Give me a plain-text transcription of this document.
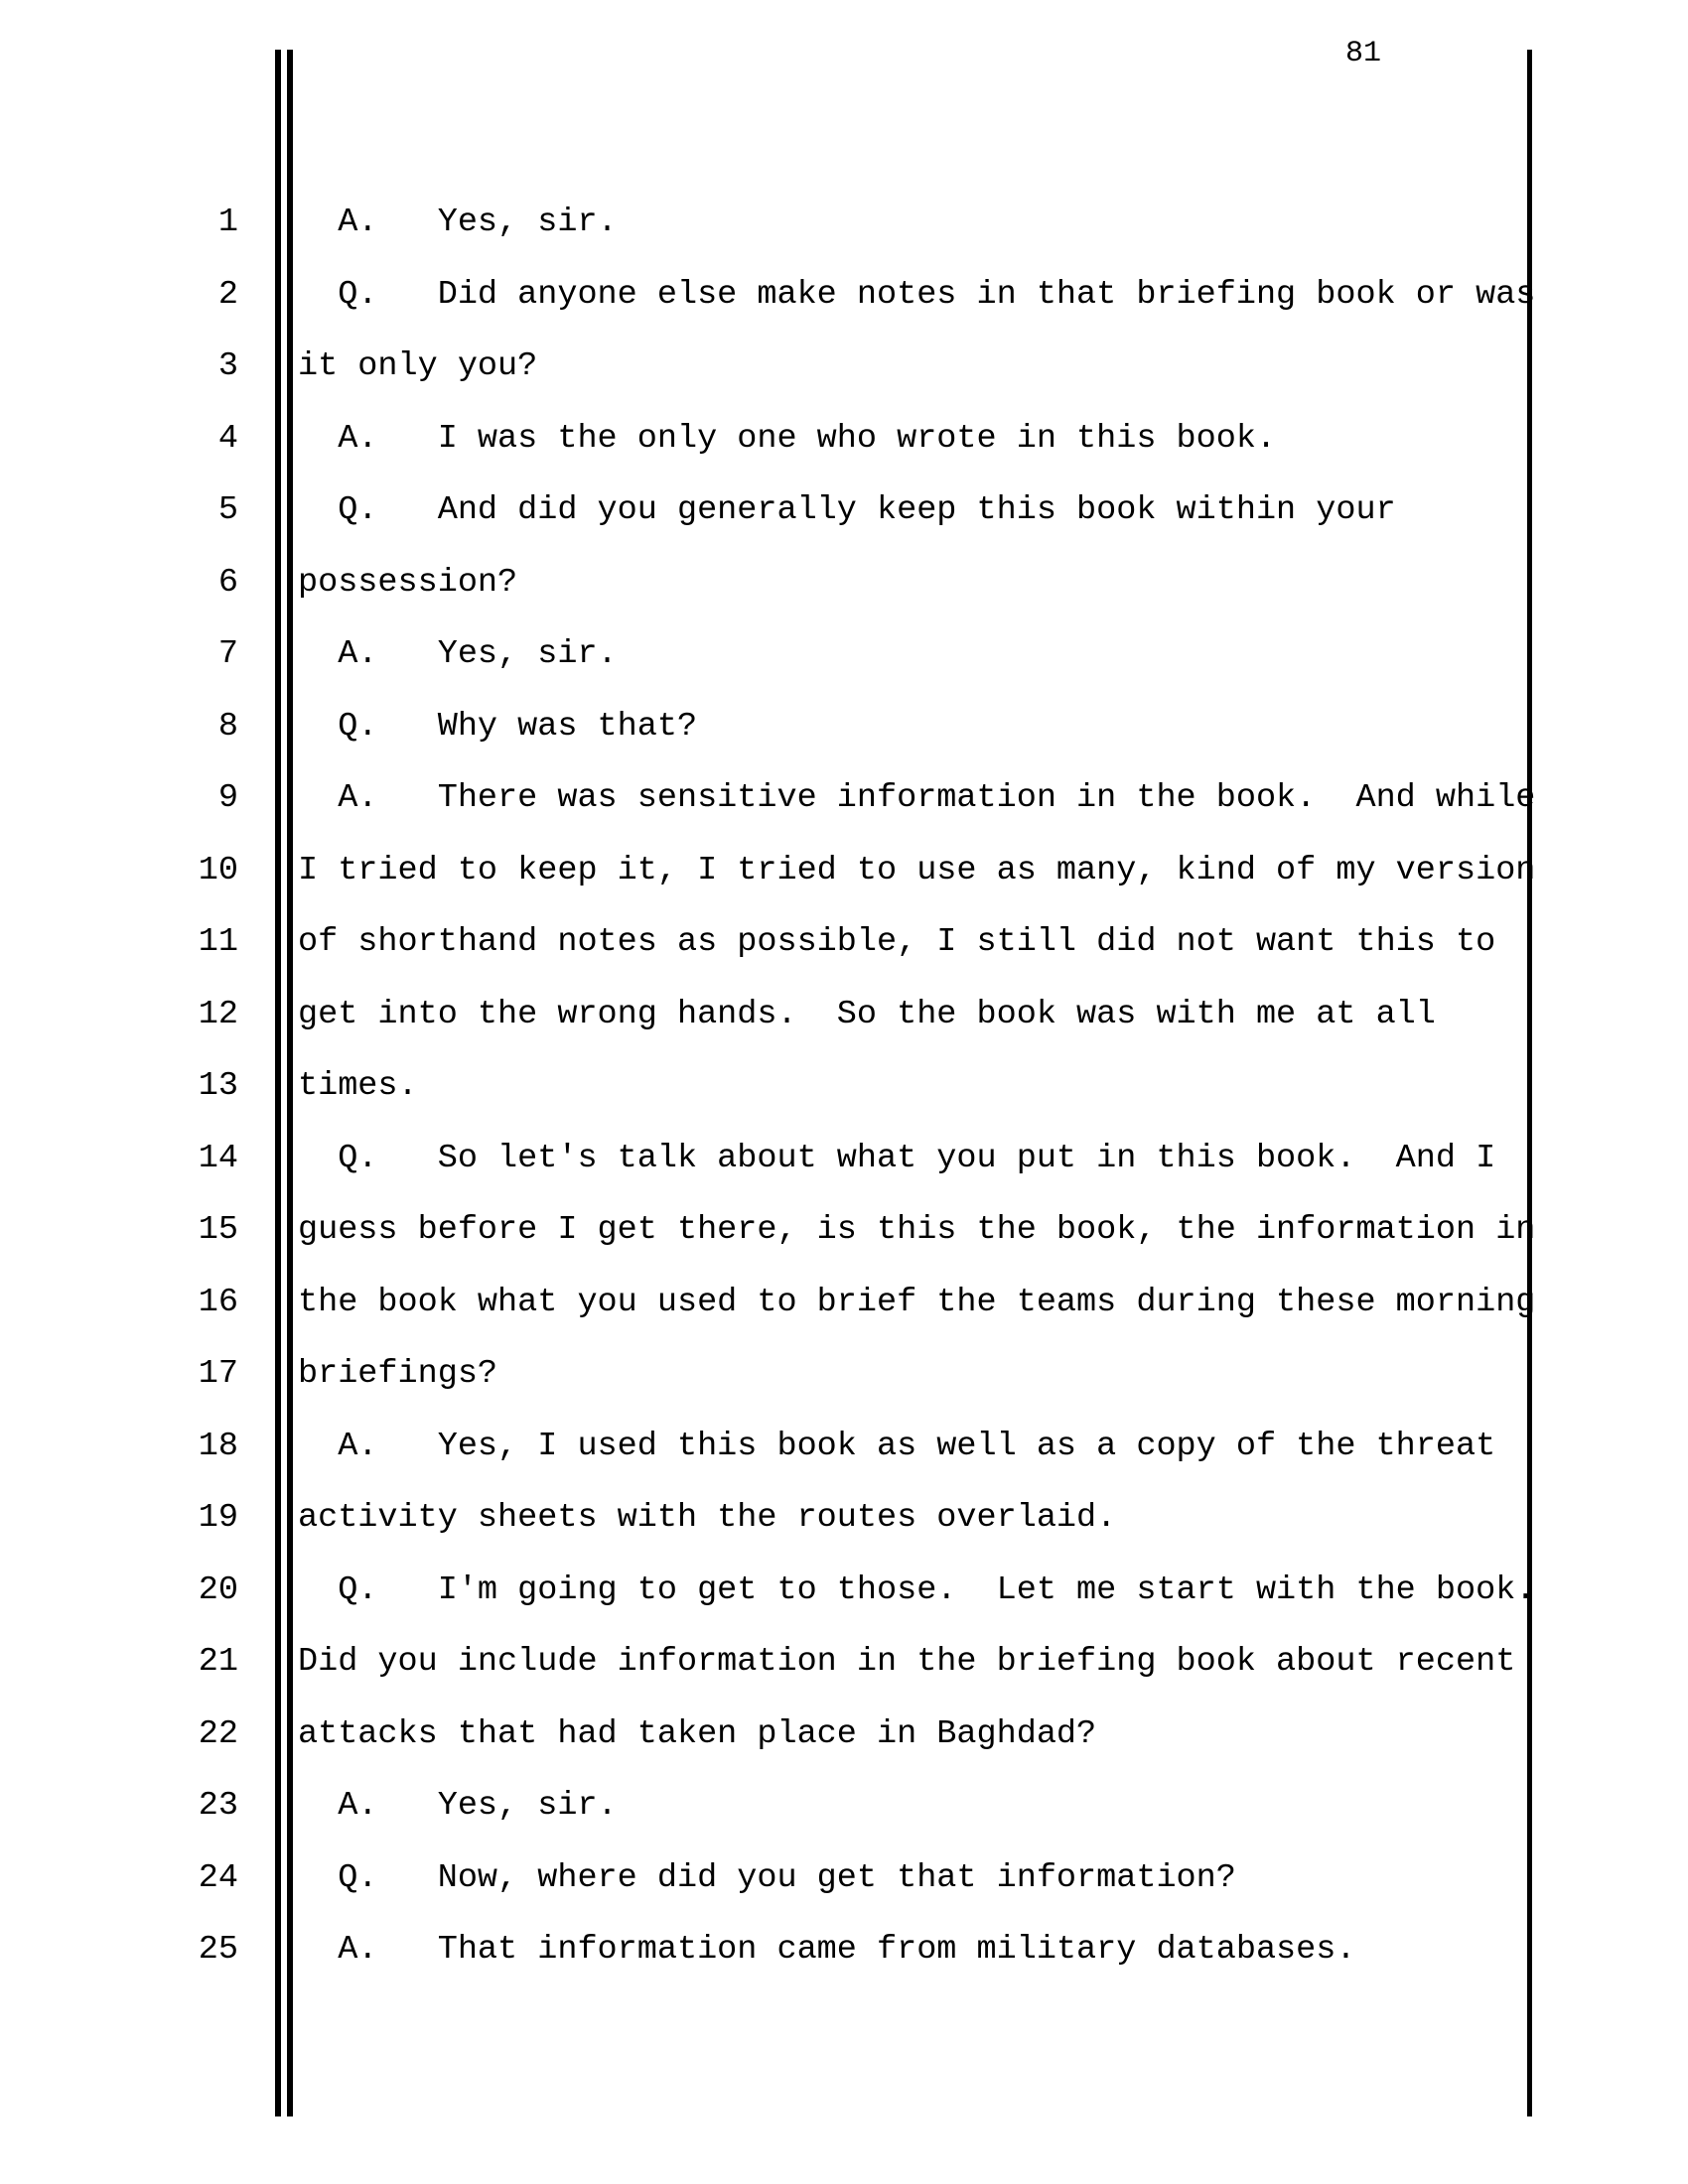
81
1 A.   Yes, sir.
2 Q.   Did anyone else make notes in that briefing book or was
3 it only you?
4 A.   I was the only one who wrote in this book.
5 Q.   And did you generally keep this book within your
6 possession?
7 A.   Yes, sir.
8 Q.   Why was that?
9 A.   There was sensitive information in the book.  And while
10 I tried to keep it, I tried to use as many, kind of my version
11 of shorthand notes as possible, I still did not want this to
12 get into the wrong hands.  So the book was with me at all
13 times.
14 Q.   So let's talk about what you put in this book.  And I
15 guess before I get there, is this the book, the information in
16 the book what you used to brief the teams during these morning
17 briefings?
18 A.   Yes, I used this book as well as a copy of the threat
19 activity sheets with the routes overlaid.
20 Q.   I'm going to get to those.  Let me start with the book.
21 Did you include information in the briefing book about recent
22 attacks that had taken place in Baghdad?
23 A.   Yes, sir.
24 Q.   Now, where did you get that information?
25 A.   That information came from military databases.
